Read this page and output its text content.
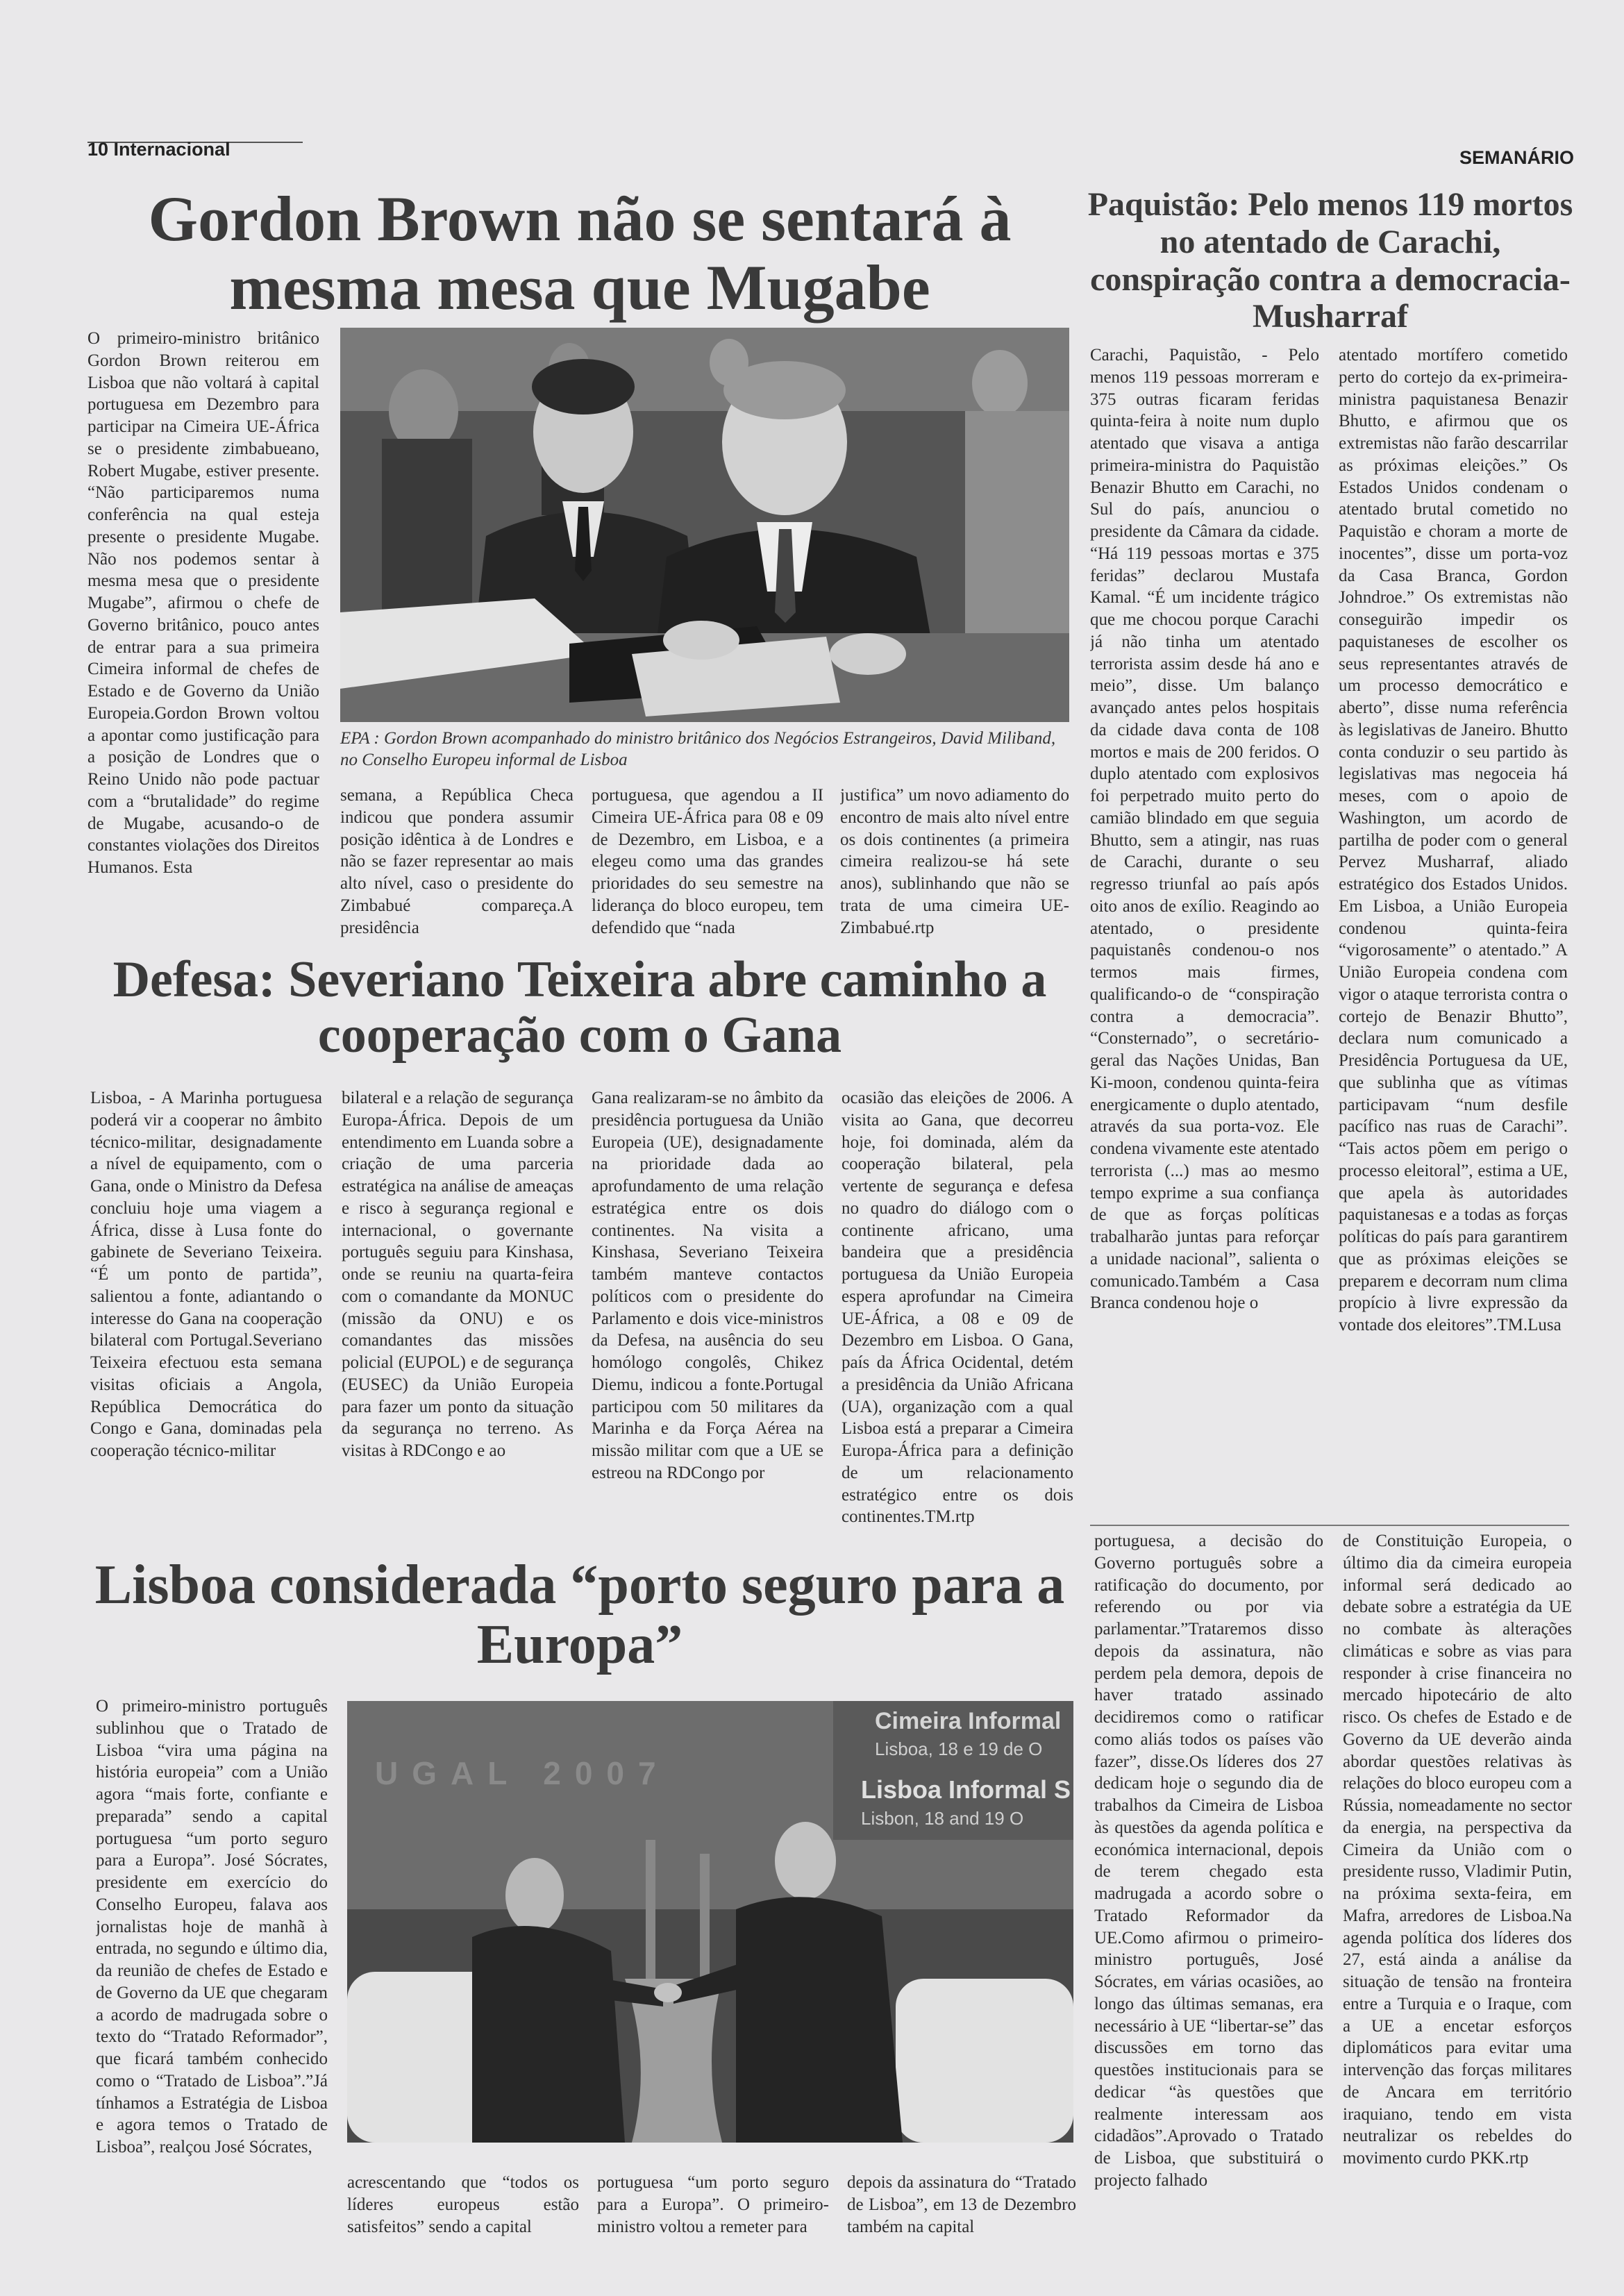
10 Internacional	SEMANÁRIO
Gordon Brown não se sentará à mesma mesa que Mugabe

O primeiro-ministro britânico Gordon Brown reiterou em Lisboa que não voltará à capital portuguesa em Dezembro para participar na Cimeira UE-África se o presidente zimbabueano, Robert Mugabe, estiver presente. “Não participaremos numa conferência na qual esteja presente o presidente Mugabe. Não nos podemos sentar à mesma mesa que o presidente Mugabe”, afirmou o chefe de Governo britânico, pouco antes de entrar para a sua primeira Cimeira informal de chefes de Estado e de Governo da União Europeia.Gordon Brown voltou a apontar como justificação para a posição de Londres que o Reino Unido não pode pactuar com a “brutalidade” do regime de Mugabe, acusando-o de constantes violações dos Direitos Humanos. Esta

EPA : Gordon Brown acompanhado do ministro britânico dos Negócios Estrangeiros, David Miliband, no Conselho Europeu informal de Lisboa

semana, a República Checa indicou que pondera assumir posição idêntica à de Londres e não se fazer representar ao mais alto nível, caso o presidente do Zimbabué compareça.A presidência

portuguesa, que agendou a II Cimeira UE-África para 08 e 09 de Dezembro, em Lisboa, e a elegeu como uma das grandes prioridades do seu semestre na liderança do bloco europeu, tem defendido que “nada

justifica” um novo adiamento do encontro de mais alto nível entre os dois continentes (a primeira cimeira realizou-se há sete anos), sublinhando que não se trata de uma cimeira UE-Zimbabué.rtp

Paquistão: Pelo menos 119 mortos no atentado de Carachi, conspiração contra a democracia- Musharraf

Carachi, Paquistão, - Pelo menos 119 pessoas morreram e 375 outras ficaram feridas quinta-feira à noite num duplo atentado que visava a antiga primeira-ministra do Paquistão Benazir Bhutto em Carachi, no Sul do país, anunciou o presidente da Câmara da cidade. “Há 119 pessoas mortas e 375 feridas” declarou Mustafa Kamal. “É um incidente trágico que me chocou porque Carachi já não tinha um atentado terrorista assim desde há ano e meio”, disse. Um balanço avançado antes pelos hospitais da cidade dava conta de 108 mortos e mais de 200 feridos. O duplo atentado com explosivos foi perpetrado muito perto do camião blindado em que seguia Bhutto, sem a atingir, nas ruas de Carachi, durante o seu regresso triunfal ao país após oito anos de exílio. Reagindo ao atentado, o presidente paquistanês condenou-o nos termos mais firmes, qualificando-o de “conspiração contra a democracia”. “Consternado”, o secretário-geral das Nações Unidas, Ban Ki-moon, condenou quinta-feira energicamente o duplo atentado, através da sua porta-voz. Ele condena vivamente este atentado terrorista (...) mas ao mesmo tempo exprime a sua confiança de que as forças políticas trabalharão juntas para reforçar a unidade nacional”, salienta o comunicado.Também a Casa Branca condenou hoje o

atentado mortífero cometido perto do cortejo da ex-primeira-ministra paquistanesa Benazir Bhutto, e afirmou que os extremistas não farão descarrilar as próximas eleições.” Os Estados Unidos condenam o atentado brutal cometido no Paquistão e choram a morte de inocentes”, disse um porta-voz da Casa Branca, Gordon Johndroe.” Os extremistas não conseguirão impedir os paquistaneses de escolher os seus representantes através de um processo democrático e aberto”, disse numa referência às legislativas de Janeiro. Bhutto conta conduzir o seu partido às legislativas mas negoceia há meses, com o apoio de Washington, um acordo de partilha de poder com o general Pervez Musharraf, aliado estratégico dos Estados Unidos. Em Lisboa, a União Europeia condenou quinta-feira “vigorosamente” o atentado.” A União Europeia condena com vigor o ataque terrorista contra o cortejo de Benazir Bhutto”, declara num comunicado a Presidência Portuguesa da UE, que sublinha que as vítimas participavam “num desfile pacífico nas ruas de Carachi”. “Tais actos põem em perigo o processo eleitoral”, estima a UE, que apela às autoridades paquistanesas e a todas as forças políticas do país para garantirem que as próximas eleições se preparem e decorram num clima propício à livre expressão da vontade dos eleitores”.TM.Lusa

Defesa: Severiano Teixeira abre caminho a cooperação com o Gana

Lisboa, - A Marinha portuguesa poderá vir a cooperar no âmbito técnico-militar, designadamente a nível de equipamento, com o Gana, onde o Ministro da Defesa concluiu hoje uma viagem a África, disse à Lusa fonte do gabinete de Severiano Teixeira. “É um ponto de partida”, salientou a fonte, adiantando o interesse do Gana na cooperação bilateral com Portugal.Severiano Teixeira efectuou esta semana visitas oficiais a Angola, República Democrática do Congo e Gana, dominadas pela cooperação técnico-militar

bilateral e a relação de segurança Europa-África. Depois de um entendimento em Luanda sobre a criação de uma parceria estratégica na análise de ameaças e risco à segurança regional e internacional, o governante português seguiu para Kinshasa, onde se reuniu na quarta-feira com o comandante da MONUC (missão da ONU) e os comandantes das missões policial (EUPOL) e de segurança (EUSEC) da União Europeia para fazer um ponto da situação da segurança no terreno. As visitas à RDCongo e ao

Gana realizaram-se no âmbito da presidência portuguesa da União Europeia (UE), designadamente na prioridade dada ao aprofundamento de uma relação estratégica entre os dois continentes. Na visita a Kinshasa, Severiano Teixeira também manteve contactos políticos com o presidente do Parlamento e dois vice-ministros da Defesa, na ausência do seu homólogo congolês, Chikez Diemu, indicou a fonte.Portugal participou com 50 militares da Marinha e da Força Aérea na missão militar com que a UE se estreou na RDCongo por

ocasião das eleições de 2006. A visita ao Gana, que decorreu hoje, foi dominada, além da cooperação bilateral, pela vertente de segurança e defesa no quadro do diálogo com o continente africano, uma bandeira que a presidência portuguesa da União Europeia espera aprofundar na Cimeira UE-África, a 08 e 09 de Dezembro em Lisboa. O Gana, país da África Ocidental, detém a presidência da União Africana (UA), organização com a qual Lisboa está a preparar a Cimeira Europa-África para a definição de um relacionamento estratégico entre os dois continentes.TM.rtp

Lisboa considerada “porto seguro para a Europa”

O primeiro-ministro português sublinhou que o Tratado de Lisboa “vira uma página na história europeia” com a União agora “mais forte, confiante e preparada” sendo a capital portuguesa “um porto seguro para a Europa”. José Sócrates, presidente em exercício do Conselho Europeu, falava aos jornalistas hoje de manhã à entrada, no segundo e último dia, da reunião de chefes de Estado e de Governo da UE que chegaram a acordo de madrugada sobre o texto do “Tratado Reformador”, que ficará também conhecido como o “Tratado de Lisboa”.”Já tínhamos a Estratégia de Lisboa e agora temos o Tratado de Lisboa”, realçou José Sócrates,

Cimeira Informal
Lisboa, 18 e 19 de O
Lisboa Informal S
Lisbon, 18 and 19 O
UGAL 2007

acrescentando que “todos os líderes europeus estão satisfeitos” sendo a capital

portuguesa “um porto seguro para a Europa”. O primeiro-ministro voltou a remeter para

depois da assinatura do “Tratado de Lisboa”, em 13 de Dezembro também na capital

portuguesa, a decisão do Governo português sobre a ratificação do documento, por referendo ou por via parlamentar.”Trataremos disso depois da assinatura, não perdem pela demora, depois de haver tratado assinado decidiremos como o ratificar como aliás todos os países vão fazer”, disse.Os líderes dos 27 dedicam hoje o segundo dia de trabalhos da Cimeira de Lisboa às questões da agenda política e económica internacional, depois de terem chegado esta madrugada a acordo sobre o Tratado Reformador da UE.Como afirmou o primeiro-ministro português, José Sócrates, em várias ocasiões, ao longo das últimas semanas, era necessário à UE “libertar-se” das discussões em torno das questões institucionais para se dedicar “às questões que realmente interessam aos cidadãos”.Aprovado o Tratado de Lisboa, que substituirá o projecto falhado

de Constituição Europeia, o último dia da cimeira europeia informal será dedicado ao debate sobre a estratégia da UE no combate às alterações climáticas e sobre as vias para responder à crise financeira no mercado hipotecário de alto risco. Os chefes de Estado e de Governo da UE deverão ainda abordar questões relativas às relações do bloco europeu com a Rússia, nomeadamente no sector da energia, na perspectiva da Cimeira da União com o presidente russo, Vladimir Putin, na próxima sexta-feira, em Mafra, arredores de Lisboa.Na agenda política dos líderes dos 27, está ainda a análise da situação de tensão na fronteira entre a Turquia e o Iraque, com a UE a encetar esforços diplomáticos para evitar uma intervenção das forças militares de Ancara em território iraquiano, tendo em vista neutralizar os rebeldes do movimento curdo PKK.rtp
